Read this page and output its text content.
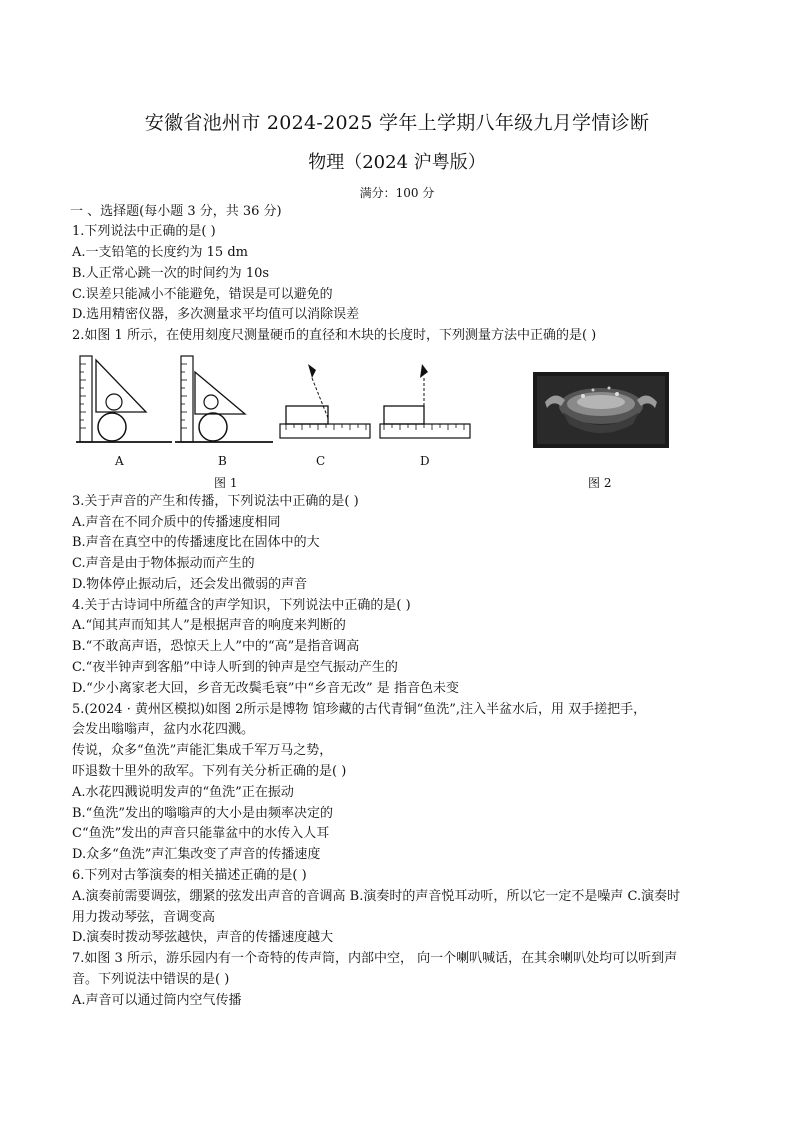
安徽省池州市 2024-2025 学年上学期八年级九月学情诊断
物理（2024 沪粤版）
满分：100 分
一 、选择题(每小题 3 分，共 36 分)
1.下列说法中正确的是( )
A.一支铅笔的长度约为 15 dm
B.人正常心跳一次的时间约为 10s
C.误差只能减小不能避免，错误是可以避免的
D.选用精密仪器，多次测量求平均值可以消除误差
2.如图 1 所示，在使用刻度尺测量硬币的直径和木块的长度时，下列测量方法中正确的是( )
A	B	C	D
图 1	图 2
3.关于声音的产生和传播，下列说法中正确的是( )
A.声音在不同介质中的传播速度相同
B.声音在真空中的传播速度比在固体中的大
C.声音是由于物体振动而产生的
D.物体停止振动后，还会发出微弱的声音
4.关于古诗词中所蕴含的声学知识，下列说法中正确的是( )
A.“闻其声而知其人”是根据声音的响度来判断的
B.“不敢高声语，恐惊天上人”中的“高”是指音调高
C.“夜半钟声到客船”中诗人听到的钟声是空气振动产生的
D.“少小离家老大回，乡音无改鬓毛衰”中“乡音无改” 是 指音色未变
5.(2024 · 黄州区模拟)如图 2所示是博物 馆珍藏的古代青铜“鱼洗”,注入半盆水后，用 双手搓把手，
会发出嗡嗡声，盆内水花四溅。
传说，众多“鱼洗”声能汇集成千军万马之势，
吓退数十里外的敌军。下列有关分析正确的是( )
A.水花四溅说明发声的“鱼洗”正在振动
B.“鱼洗”发出的嗡嗡声的大小是由频率决定的
C“鱼洗”发出的声音只能靠盆中的水传入人耳
D.众多“鱼洗”声汇集改变了声音的传播速度
6.下列对古筝演奏的相关描述正确的是( )
A.演奏前需要调弦，绷紧的弦发出声音的音调高 B.演奏时的声音悦耳动听，所以它一定不是噪声 C.演奏时
用力拨动琴弦，音调变高
D.演奏时拨动琴弦越快，声音的传播速度越大
7.如图 3 所示，游乐园内有一个奇特的传声筒，内部中空， 向一个喇叭喊话，在其余喇叭处均可以听到声
音。下列说法中错误的是( )
A.声音可以通过筒内空气传播
